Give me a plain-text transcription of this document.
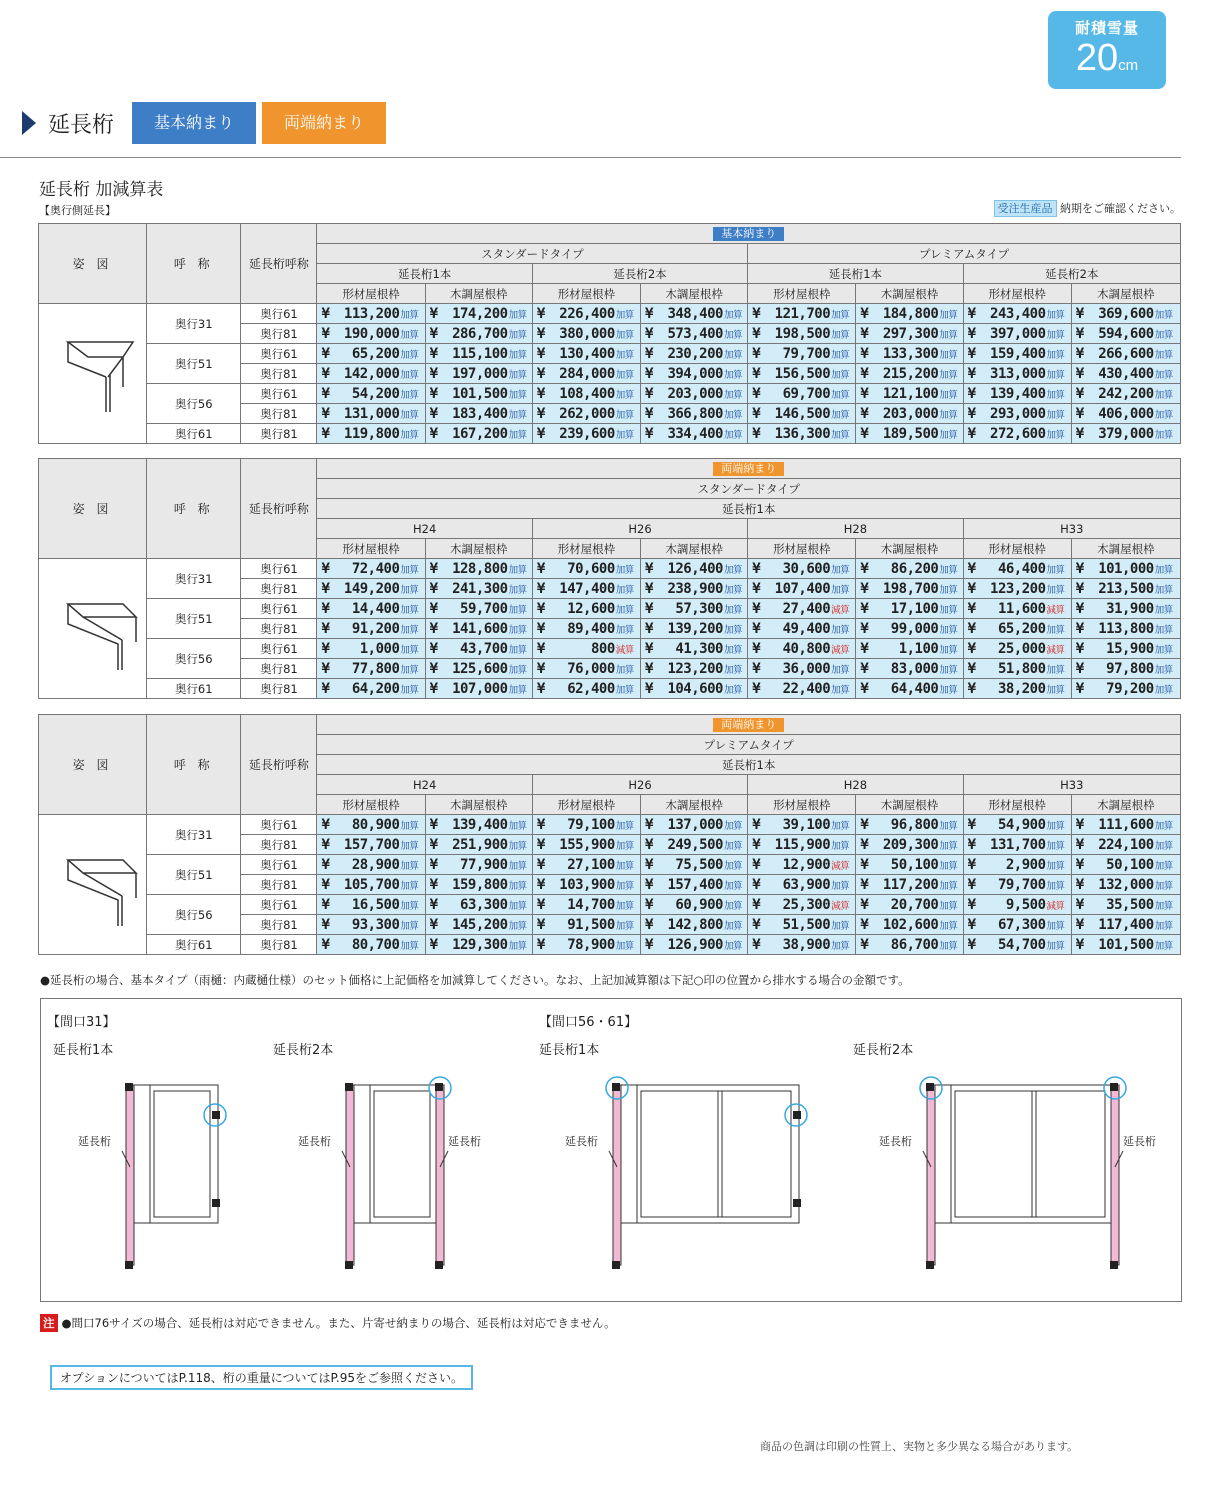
耐積雪量
20cm
延長桁	基本納まり	両端納まり
延長桁 加減算表
【奥行側延長】	受注生産品 納期をご確認ください。
姿 図	呼 称	延長桁呼称	基本納まり							
			スタンダードタイプ				プレミアムタイプ			
			延長桁1本		延長桁2本		延長桁1本		延長桁2本	
			形材屋根枠	木調屋根枠	形材屋根枠	木調屋根枠	形材屋根枠	木調屋根枠	形材屋根枠	木調屋根枠
	奥行31	奥行61	¥ 113,200加算	¥ 174,200加算	¥ 226,400加算	¥ 348,400加算	¥ 121,700加算	¥ 184,800加算	¥ 243,400加算	¥ 369,600加算
		奥行81	¥ 190,000加算	¥ 286,700加算	¥ 380,000加算	¥ 573,400加算	¥ 198,500加算	¥ 297,300加算	¥ 397,000加算	¥ 594,600加算
	奥行51	奥行61	¥ 65,200加算	¥ 115,100加算	¥ 130,400加算	¥ 230,200加算	¥ 79,700加算	¥ 133,300加算	¥ 159,400加算	¥ 266,600加算
		奥行81	¥ 142,000加算	¥ 197,000加算	¥ 284,000加算	¥ 394,000加算	¥ 156,500加算	¥ 215,200加算	¥ 313,000加算	¥ 430,400加算
	奥行56	奥行61	¥ 54,200加算	¥ 101,500加算	¥ 108,400加算	¥ 203,000加算	¥ 69,700加算	¥ 121,100加算	¥ 139,400加算	¥ 242,200加算
		奥行81	¥ 131,000加算	¥ 183,400加算	¥ 262,000加算	¥ 366,800加算	¥ 146,500加算	¥ 203,000加算	¥ 293,000加算	¥ 406,000加算
	奥行61	奥行81	¥ 119,800加算	¥ 167,200加算	¥ 239,600加算	¥ 334,400加算	¥ 136,300加算	¥ 189,500加算	¥ 272,600加算	¥ 379,000加算
姿 図	呼 称	延長桁呼称	両端納まり							
			スタンダードタイプ							
			延長桁1本							
			H24		H26		H28		H33	
			形材屋根枠	木調屋根枠	形材屋根枠	木調屋根枠	形材屋根枠	木調屋根枠	形材屋根枠	木調屋根枠
	奥行31	奥行61	¥ 72,400加算	¥ 128,800加算	¥ 70,600加算	¥ 126,400加算	¥ 30,600加算	¥ 86,200加算	¥ 46,400加算	¥ 101,000加算
		奥行81	¥ 149,200加算	¥ 241,300加算	¥ 147,400加算	¥ 238,900加算	¥ 107,400加算	¥ 198,700加算	¥ 123,200加算	¥ 213,500加算
	奥行51	奥行61	¥ 14,400加算	¥ 59,700加算	¥ 12,600加算	¥ 57,300加算	¥ 27,400減算	¥ 17,100加算	¥ 11,600減算	¥ 31,900加算
		奥行81	¥ 91,200加算	¥ 141,600加算	¥ 89,400加算	¥ 139,200加算	¥ 49,400加算	¥ 99,000加算	¥ 65,200加算	¥ 113,800加算
	奥行56	奥行61	¥ 1,000加算	¥ 43,700加算	¥ 800減算	¥ 41,300加算	¥ 40,800減算	¥ 1,100加算	¥ 25,000減算	¥ 15,900加算
		奥行81	¥ 77,800加算	¥ 125,600加算	¥ 76,000加算	¥ 123,200加算	¥ 36,000加算	¥ 83,000加算	¥ 51,800加算	¥ 97,800加算
	奥行61	奥行81	¥ 64,200加算	¥ 107,000加算	¥ 62,400加算	¥ 104,600加算	¥ 22,400加算	¥ 64,400加算	¥ 38,200加算	¥ 79,200加算
姿 図	呼 称	延長桁呼称	両端納まり							
			プレミアムタイプ							
			延長桁1本							
			H24		H26		H28		H33	
			形材屋根枠	木調屋根枠	形材屋根枠	木調屋根枠	形材屋根枠	木調屋根枠	形材屋根枠	木調屋根枠
	奥行31	奥行61	¥ 80,900加算	¥ 139,400加算	¥ 79,100加算	¥ 137,000加算	¥ 39,100加算	¥ 96,800加算	¥ 54,900加算	¥ 111,600加算
		奥行81	¥ 157,700加算	¥ 251,900加算	¥ 155,900加算	¥ 249,500加算	¥ 115,900加算	¥ 209,300加算	¥ 131,700加算	¥ 224,100加算
	奥行51	奥行61	¥ 28,900加算	¥ 77,900加算	¥ 27,100加算	¥ 75,500加算	¥ 12,900減算	¥ 50,100加算	¥ 2,900加算	¥ 50,100加算
		奥行81	¥ 105,700加算	¥ 159,800加算	¥ 103,900加算	¥ 157,400加算	¥ 63,900加算	¥ 117,200加算	¥ 79,700加算	¥ 132,000加算
	奥行56	奥行61	¥ 16,500加算	¥ 63,300加算	¥ 14,700加算	¥ 60,900加算	¥ 25,300減算	¥ 20,700加算	¥ 9,500減算	¥ 35,500加算
		奥行81	¥ 93,300加算	¥ 145,200加算	¥ 91,500加算	¥ 142,800加算	¥ 51,500加算	¥ 102,600加算	¥ 67,300加算	¥ 117,400加算
	奥行61	奥行81	¥ 80,700加算	¥ 129,300加算	¥ 78,900加算	¥ 126,900加算	¥ 38,900加算	¥ 86,700加算	¥ 54,700加算	¥ 101,500加算
●延長桁の場合、基本タイプ（雨樋：内蔵樋仕様）のセット価格に上記価格を加減算してください。なお、上記加減算額は下記○印の位置から排水する場合の金額です。
【間口31】	【間口56・61】
延長桁1本	延長桁2本	延長桁1本	延長桁2本
延長桁	延長桁	延長桁	延長桁	延長桁	延長桁
注 ●間口76サイズの場合、延長桁は対応できません。また、片寄せ納まりの場合、延長桁は対応できません。
オプションについてはP.118、桁の重量についてはP.95をご参照ください。
商品の色調は印刷の性質上、実物と多少異なる場合があります。
